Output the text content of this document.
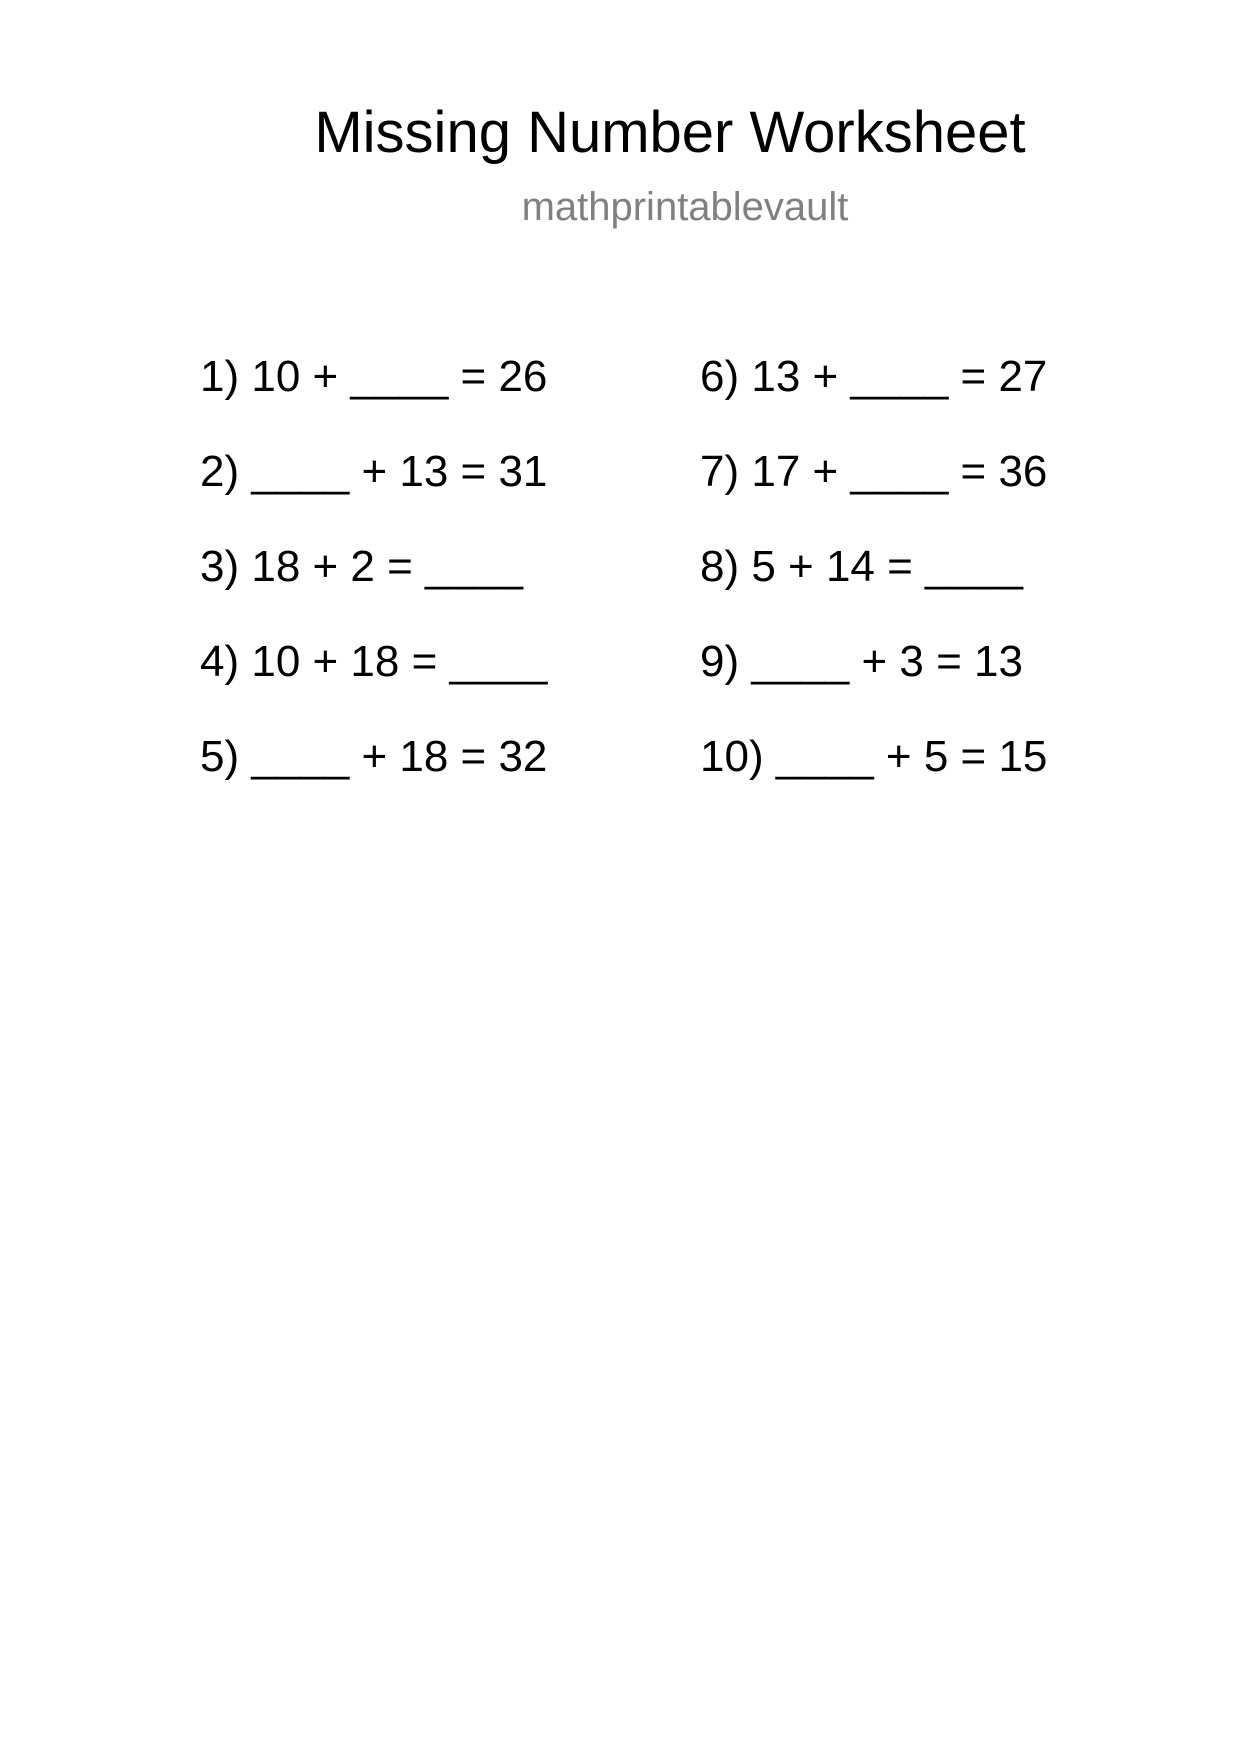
Missing Number Worksheet
mathprintablevault
1) 10 + ____ = 26
2) ____ + 13 = 31
3) 18 + 2 = ____
4) 10 + 18 = ____
5) ____ + 18 = 32
6) 13 + ____ = 27
7) 17 + ____ = 36
8) 5 + 14 = ____
9) ____ + 3 = 13
10) ____ + 5 = 15
